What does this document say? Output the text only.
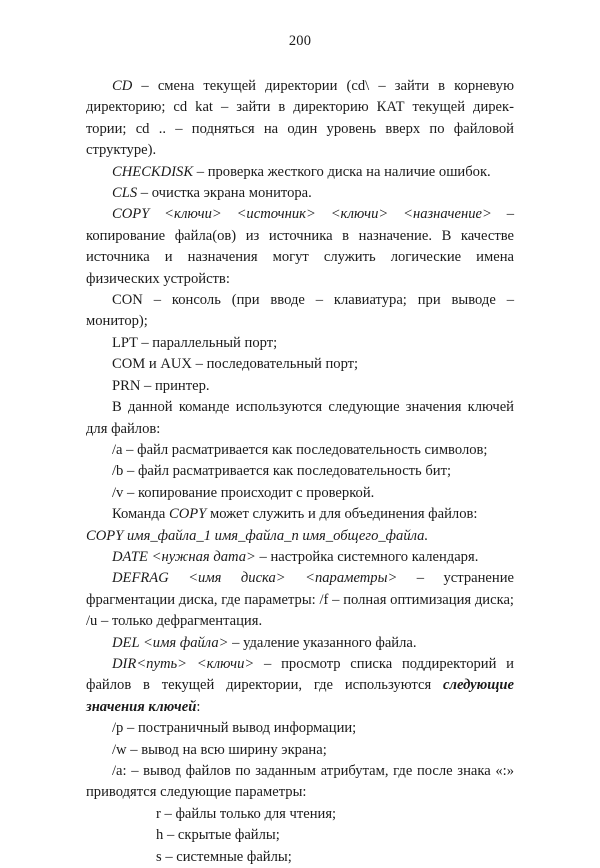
200

CD – смена текущей директории (cd\ – зайти в корневую директорию; cd kat – зайти в директорию КАТ текущей дирек-тории; cd .. – подняться на один уровень вверх по файловой структуре).

CHECKDISK – проверка жесткого диска на наличие ошибок.

CLS – очистка экрана монитора.

COPY <ключи> <источник> <ключи> <назначение> – копирование файла(ов) из источника в назначение. В качестве источника и назначения могут служить логические имена физических устройств:

CON – консоль (при вводе – клавиатура; при выводе – монитор);

LPT – параллельный порт;

COM и AUX – последовательный порт;

PRN – принтер.

В данной команде используются следующие значения ключей для файлов:

/a – файл расматривается как последовательность символов;

/b – файл расматривается как последовательность бит;

/v – копирование происходит с проверкой.

Команда COPY может служить и для объединения файлов:

COPY имя_файла_1 имя_файла_n имя_общего_файла.

DATE <нужная дата> – настройка системного календаря.

DEFRAG <имя диска> <параметры> – устранение фрагментации диска, где параметры: /f – полная оптимизация диска; /u – только дефрагментация.

DEL <имя файла> – удаление указанного файла.

DIR<путь> <ключи> – просмотр списка поддиректорий и файлов в текущей директории, где используются следующие значения ключей:

/p – постраничный вывод информации;

/w – вывод на всю ширину экрана;

/a: – вывод файлов по заданным атрибутам, где после знака «:» приводятся следующие параметры:

r – файлы только для чтения;

h – скрытые файлы;

s – системные файлы;
